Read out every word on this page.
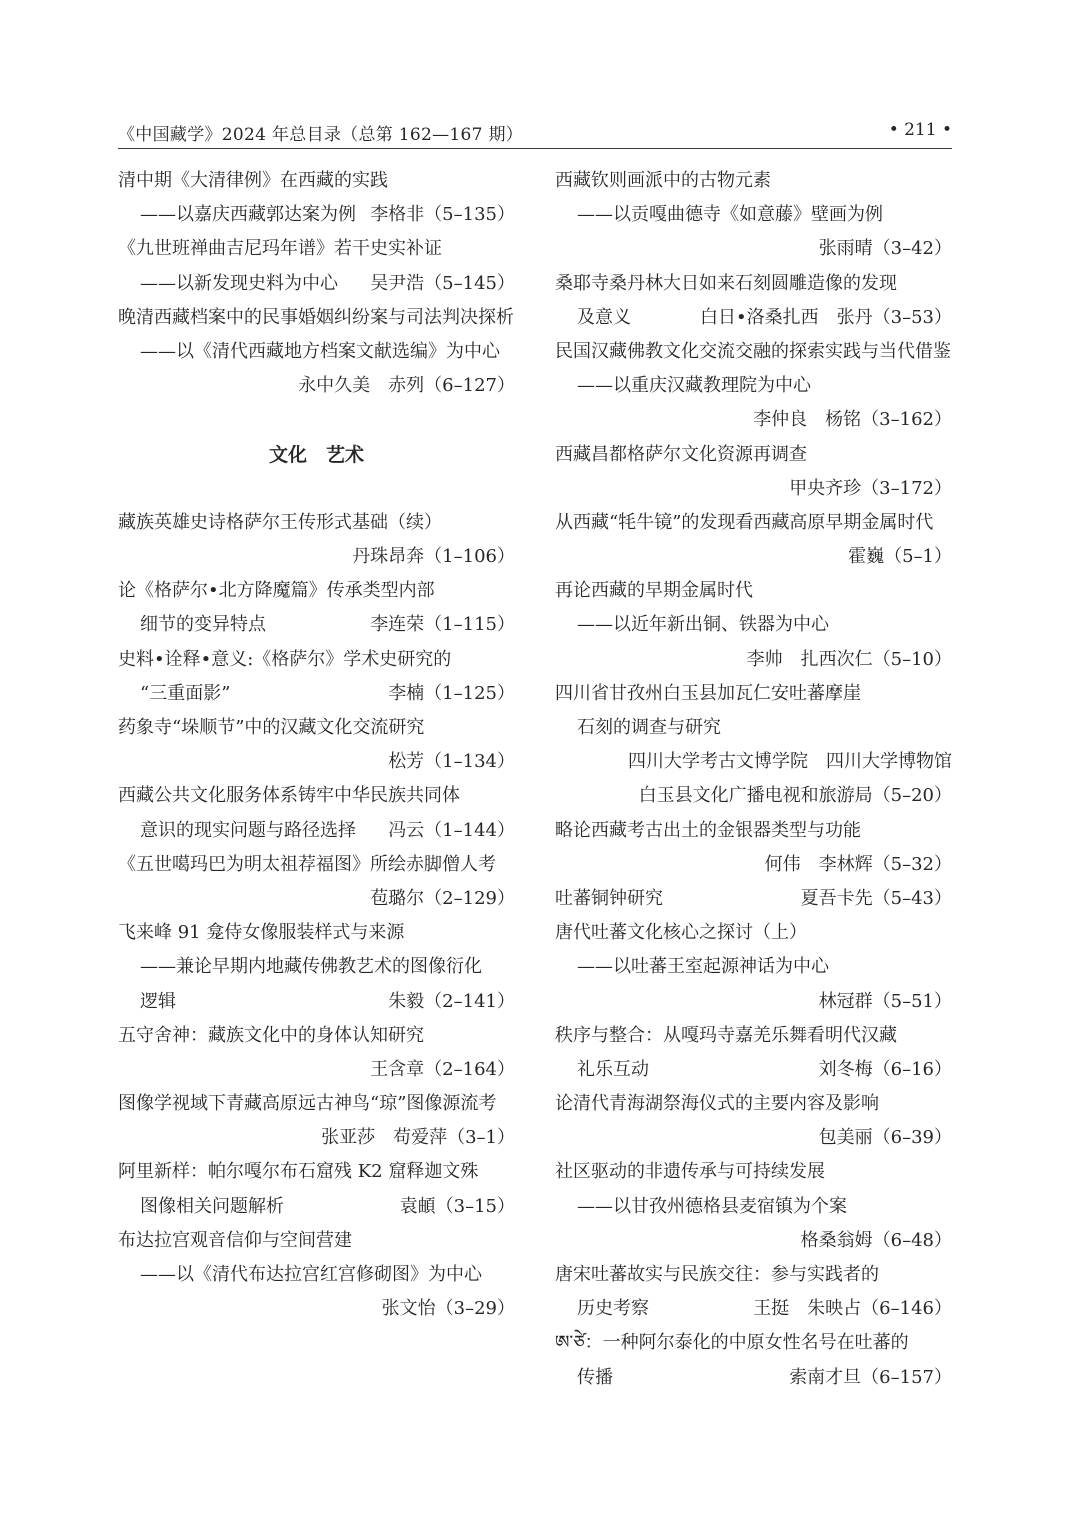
《中国藏学》2024 年总目录（总第 162—167 期）	• 211 •
清中期《大清律例》在西藏的实践
——以嘉庆西藏郭达案为例 李格非（5–135）
《九世班禅曲吉尼玛年谱》若干史实补证
——以新发现史料为中心 吴尹浩（5–145）
晚清西藏档案中的民事婚姻纠纷案与司法判决探析
——以《清代西藏地方档案文献选编》为中心
永中久美　赤列（6–127）
文化　艺术
藏族英雄史诗格萨尔王传形式基础（续）
丹珠昂奔（1–106）
论《格萨尔•北方降魔篇》传承类型内部
细节的变异特点	李连荣（1–115）
史料•诠释•意义:《格萨尔》学术史研究的
“三重面影”	李楠（1–125）
药象寺“垛顺节”中的汉藏文化交流研究
松芳（1–134）
西藏公共文化服务体系铸牢中华民族共同体
意识的现实问题与路径选择 冯云（1–144）
《五世噶玛巴为明太祖荐福图》所绘赤脚僧人考
苞璐尔（2–129）
飞来峰 91 龛侍女像服装样式与来源
——兼论早期内地藏传佛教艺术的图像衍化
逻辑	朱毅（2–141）
五守舍神：藏族文化中的身体认知研究
王含章（2–164）
图像学视域下青藏高原远古神鸟“琼”图像源流考
张亚莎　苟爱萍（3–1）
阿里新样：帕尔嘎尔布石窟残 K2 窟释迦文殊
图像相关问题解析	袁頔（3–15）
布达拉宫观音信仰与空间营建
——以《清代布达拉宫红宫修砌图》为中心
张文怡（3–29）
西藏钦则画派中的古物元素
——以贡嘎曲德寺《如意藤》壁画为例
张雨晴（3–42）
桑耶寺桑丹林大日如来石刻圆雕造像的发现
及意义	白日•洛桑扎西　张丹（3–53）
民国汉藏佛教文化交流交融的探索实践与当代借鉴
——以重庆汉藏教理院为中心
李仲良　杨铭（3–162）
西藏昌都格萨尔文化资源再调查
甲央齐珍（3–172）
从西藏“牦牛镜”的发现看西藏高原早期金属时代
霍巍（5–1）
再论西藏的早期金属时代
——以近年新出铜、铁器为中心
李帅　扎西次仁（5–10）
四川省甘孜州白玉县加瓦仁安吐蕃摩崖
石刻的调查与研究
四川大学考古文博学院　四川大学博物馆
白玉县文化广播电视和旅游局（5–20）
略论西藏考古出土的金银器类型与功能
何伟　李林辉（5–32）
吐蕃铜钟研究	夏吾卡先（5–43）
唐代吐蕃文化核心之探讨（上）
——以吐蕃王室起源神话为中心
林冠群（5–51）
秩序与整合：从嘎玛寺嘉羌乐舞看明代汉藏
礼乐互动	刘冬梅（6–16）
论清代青海湖祭海仪式的主要内容及影响
包美丽（6–39）
社区驱动的非遗传承与可持续发展
——以甘孜州德格县麦宿镇为个案
格桑翁姆（6–48）
唐宋吐蕃故实与民族交往：参与实践者的
历史考察	王挺　朱映占（6–146）
ཨ་ཙེ：一种阿尔泰化的中原女性名号在吐蕃的
传播	索南才旦（6–157）
